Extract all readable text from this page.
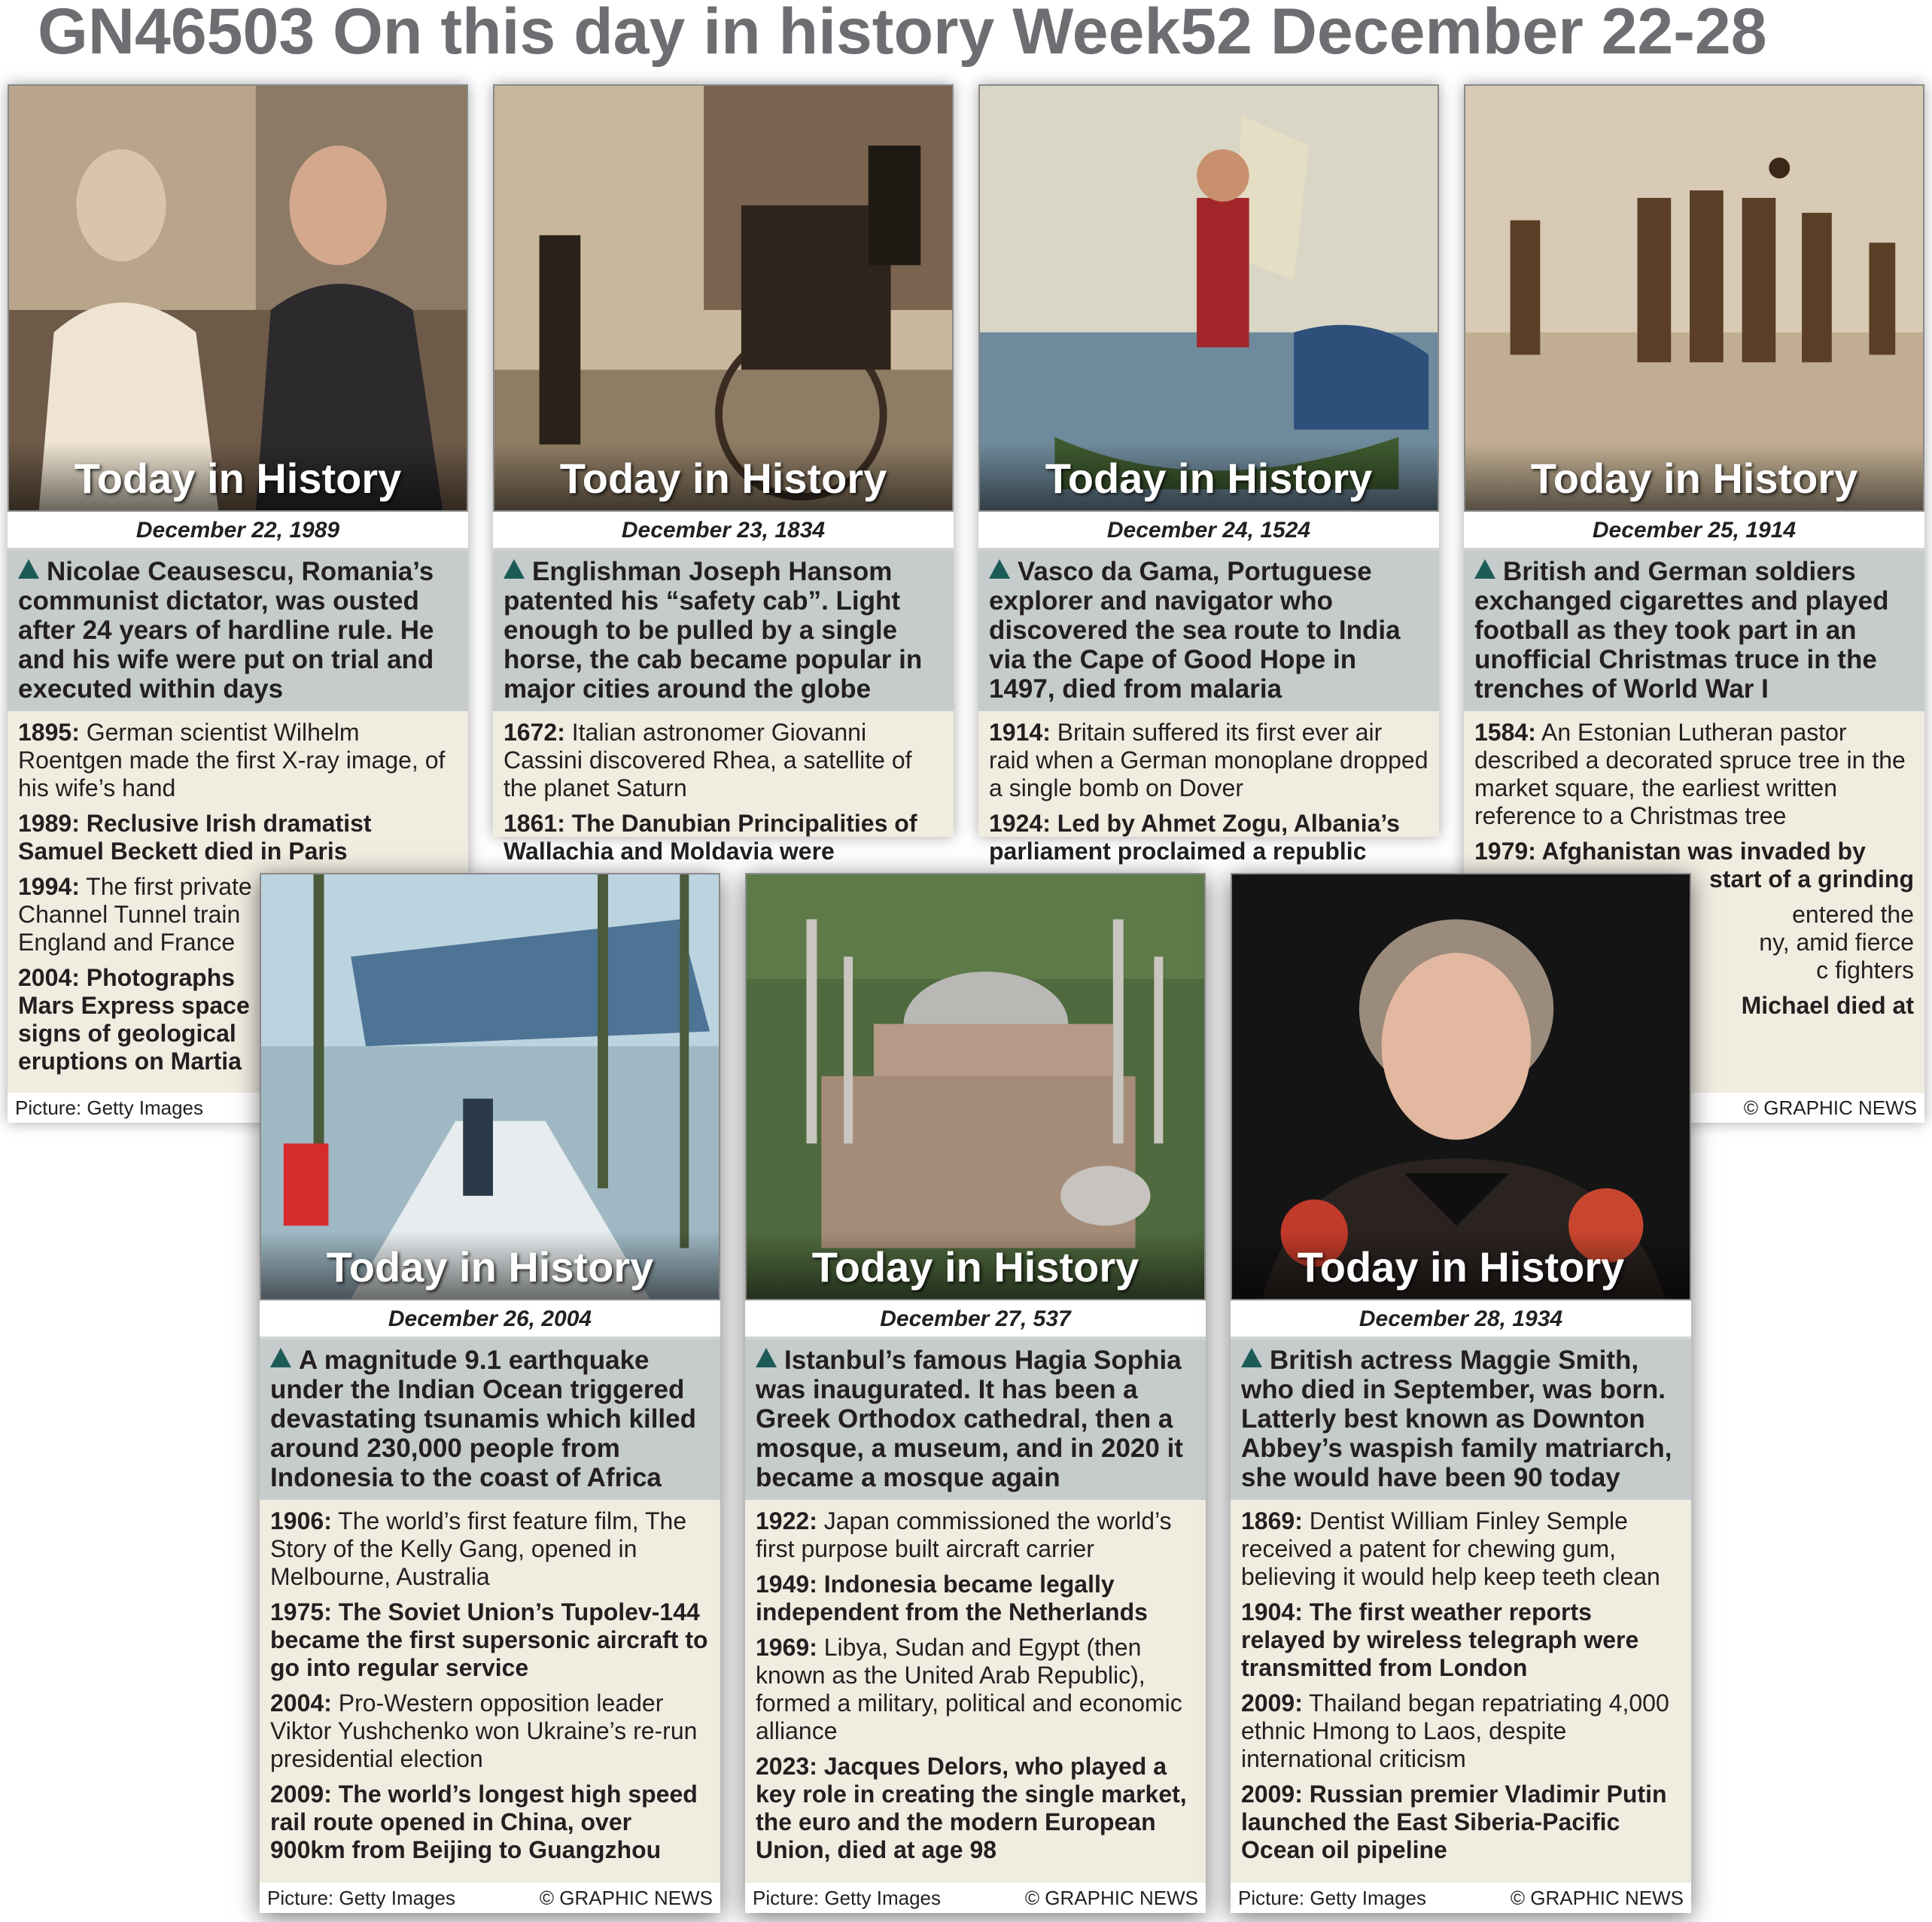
GN46503 On this day in history Week52 December 22-28
Today in History
December 22, 1989
Nicolae Ceausescu, Romania’s communist dictator, was ousted after 24 years of hardline rule. He and his wife were put on trial and executed within days
1895: German scientist Wilhelm Roentgen made the first X-ray image, of his wife’s hand
1989: Reclusive Irish dramatist Samuel Beckett died in Paris
1994: The first private
Channel Tunnel train
England and France
2004: Photographs
Mars Express space
signs of geological
eruptions on Martia
Picture: Getty Images
Today in History
December 23, 1834
Englishman Joseph Hansom patented his “safety cab”. Light enough to be pulled by a single horse, the cab became popular in major cities around the globe
1672: Italian astronomer Giovanni Cassini discovered Rhea, a satellite of the planet Saturn
1861: The Danubian Principalities of Wallachia and Moldavia were
Today in History
December 24, 1524
Vasco da Gama, Portuguese explorer and navigator who discovered the sea route to India via the Cape of Good Hope in 1497, died from malaria
1914: Britain suffered its first ever air raid when a German monoplane dropped a single bomb on Dover
1924: Led by Ahmet Zogu, Albania’s parliament proclaimed a republic
Today in History
December 25, 1914
British and German soldiers exchanged cigarettes and played football as they took part in an unofficial Christmas truce in the trenches of World War I
1584: An Estonian Lutheran pastor described a decorated spruce tree in the market square, the earliest written reference to a Christmas tree
1979: Afghanistan was invaded by
start of a grinding
entered the
ny, amid fierce
c fighters
Michael died at
© GRAPHIC NEWS
Today in History
December 26, 2004
A magnitude 9.1 earthquake under the Indian Ocean triggered devastating tsunamis which killed around 230,000 people from Indonesia to the coast of Africa
1906: The world’s first feature film, The Story of the Kelly Gang, opened in Melbourne, Australia
1975: The Soviet Union’s Tupolev-144 became the first supersonic aircraft to go into regular service
2004: Pro-Western opposition leader Viktor Yushchenko won Ukraine’s re-run presidential election
2009: The world’s longest high speed rail route opened in China, over 900km from Beijing to Guangzhou
Picture: Getty Images	© GRAPHIC NEWS
Today in History
December 27, 537
Istanbul’s famous Hagia Sophia was inaugurated. It has been a Greek Orthodox cathedral, then a mosque, a museum, and in 2020 it became a mosque again
1922: Japan commissioned the world’s first purpose built aircraft carrier
1949: Indonesia became legally independent from the Netherlands
1969: Libya, Sudan and Egypt (then known as the United Arab Republic), formed a military, political and economic alliance
2023: Jacques Delors, who played a key role in creating the single market, the euro and the modern European Union, died at age 98
Picture: Getty Images	© GRAPHIC NEWS
Today in History
December 28, 1934
British actress Maggie Smith, who died in September, was born. Latterly best known as Downton Abbey’s waspish family matriarch, she would have been 90 today
1869: Dentist William Finley Semple received a patent for chewing gum, believing it would help keep teeth clean
1904: The first weather reports relayed by wireless telegraph were transmitted from London
2009: Thailand began repatriating 4,000 ethnic Hmong to Laos, despite international criticism
2009: Russian premier Vladimir Putin launched the East Siberia-Pacific Ocean oil pipeline
Picture: Getty Images	© GRAPHIC NEWS
